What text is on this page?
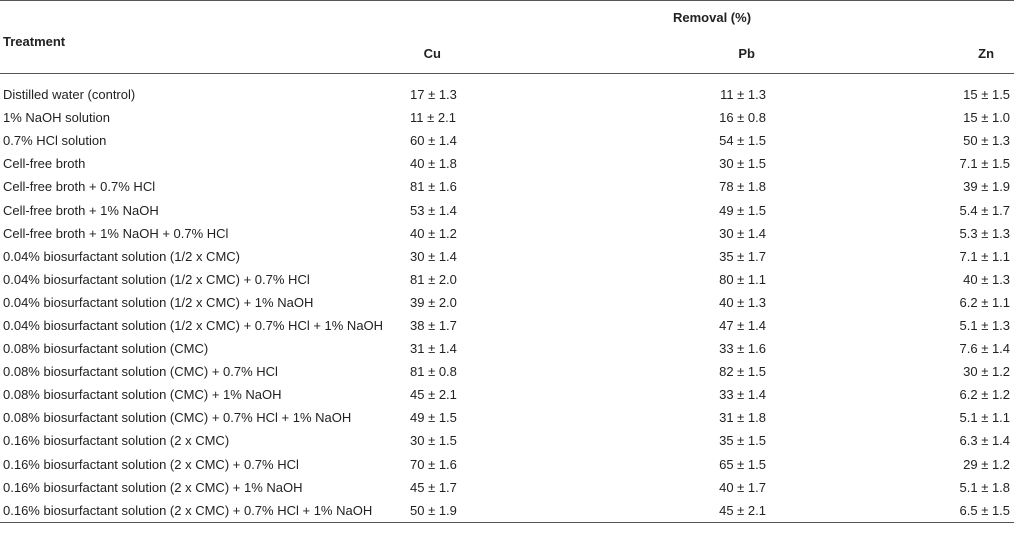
Treatment	Removal (%)		
	Cu	Pb	Zn
Distilled water (control)	17 ± 1.3	11 ± 1.3	15 ± 1.5
1% NaOH solution	11 ± 2.1	16 ± 0.8	15 ± 1.0
0.7% HCl solution	60 ± 1.4	54 ± 1.5	50 ± 1.3
Cell-free broth	40 ± 1.8	30 ± 1.5	7.1 ± 1.5
Cell-free broth + 0.7% HCl	81 ± 1.6	78 ± 1.8	39 ± 1.9
Cell-free broth + 1% NaOH	53 ± 1.4	49 ± 1.5	5.4 ± 1.7
Cell-free broth + 1% NaOH + 0.7% HCl	40 ± 1.2	30 ± 1.4	5.3 ± 1.3
0.04% biosurfactant solution (1/2 x CMC)	30 ± 1.4	35 ± 1.7	7.1 ± 1.1
0.04% biosurfactant solution (1/2 x CMC) + 0.7% HCl	81 ± 2.0	80 ± 1.1	40 ± 1.3
0.04% biosurfactant solution (1/2 x CMC) + 1% NaOH	39 ± 2.0	40 ± 1.3	6.2 ± 1.1
0.04% biosurfactant solution (1/2 x CMC) + 0.7% HCl + 1% NaOH	38 ± 1.7	47 ± 1.4	5.1 ± 1.3
0.08% biosurfactant solution (CMC)	31 ± 1.4	33 ± 1.6	7.6 ± 1.4
0.08% biosurfactant solution (CMC) + 0.7% HCl	81 ± 0.8	82 ± 1.5	30 ± 1.2
0.08% biosurfactant solution (CMC) + 1% NaOH	45 ± 2.1	33 ± 1.4	6.2 ± 1.2
0.08% biosurfactant solution (CMC) + 0.7% HCl + 1% NaOH	49 ± 1.5	31 ± 1.8	5.1 ± 1.1
0.16% biosurfactant solution (2 x CMC)	30 ± 1.5	35 ± 1.5	6.3 ± 1.4
0.16% biosurfactant solution (2 x CMC) + 0.7% HCl	70 ± 1.6	65 ± 1.5	29 ± 1.2
0.16% biosurfactant solution (2 x CMC) + 1% NaOH	45 ± 1.7	40 ± 1.7	5.1 ± 1.8
0.16% biosurfactant solution (2 x CMC) + 0.7% HCl + 1% NaOH	50 ± 1.9	45 ± 2.1	6.5 ± 1.5
